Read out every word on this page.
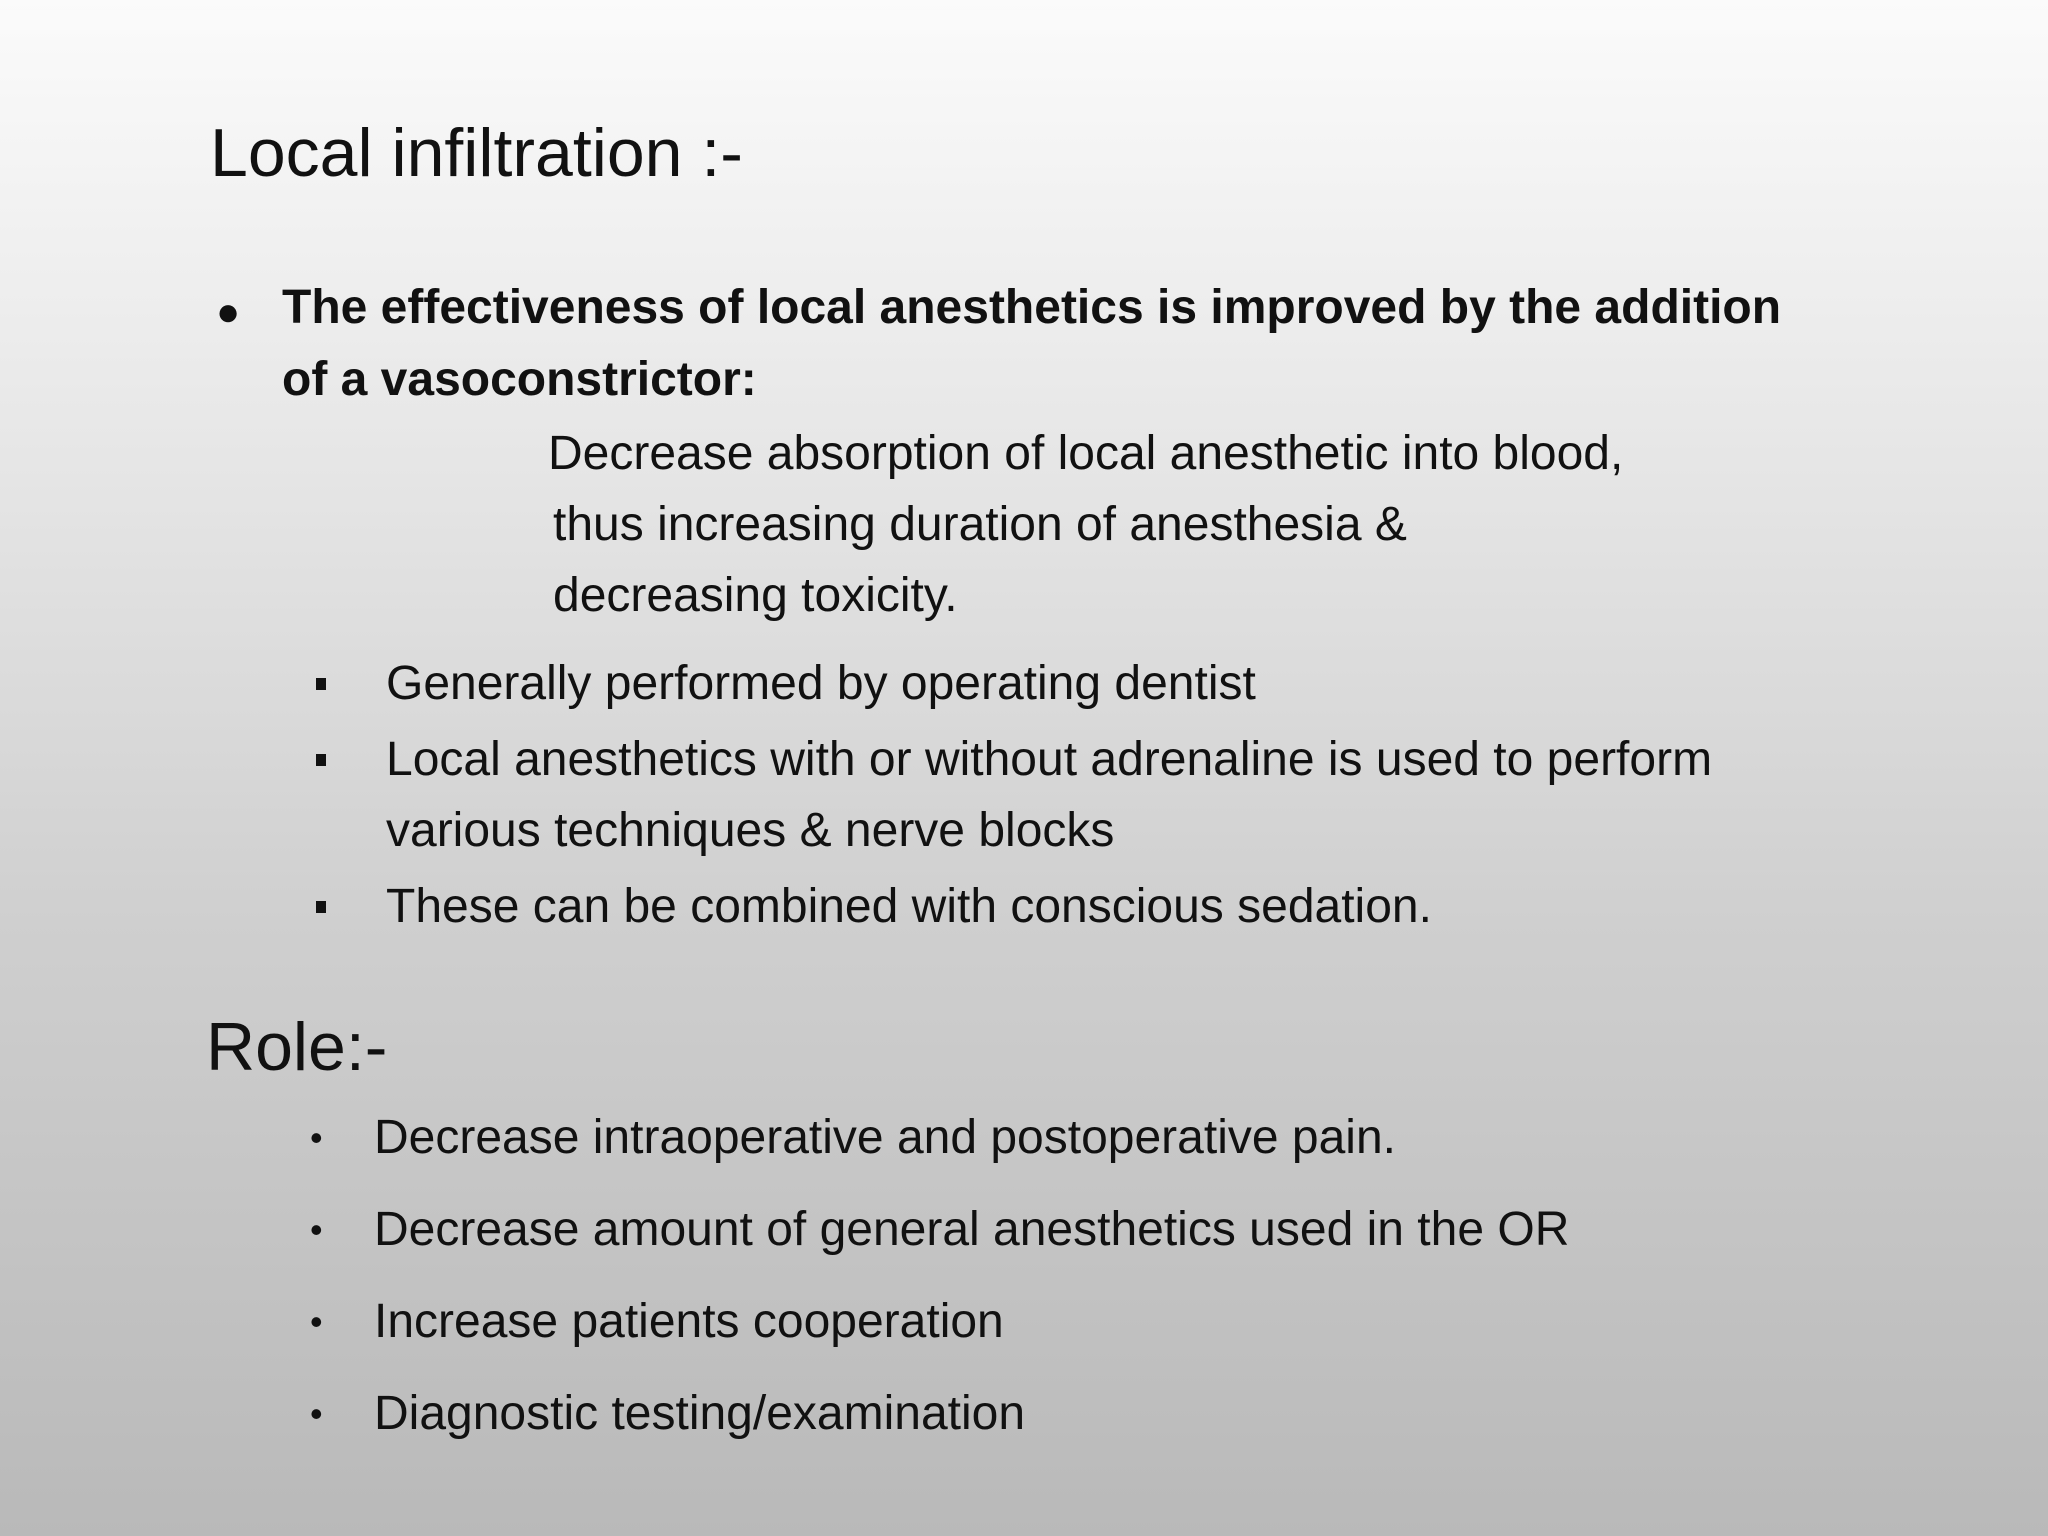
Local infiltration :-
● The effectiveness of local anesthetics is improved by the addition of a vasoconstrictor:
Decrease absorption of local anesthetic into blood,
thus increasing duration of anesthesia &
decreasing toxicity.
Generally performed by operating dentist
Local anesthetics with or without adrenaline is used to perform various techniques & nerve blocks
These can be combined with conscious sedation.
Role:-
• Decrease intraoperative and postoperative pain.
• Decrease amount of general anesthetics used in the OR
• Increase patients cooperation
• Diagnostic testing/examination
